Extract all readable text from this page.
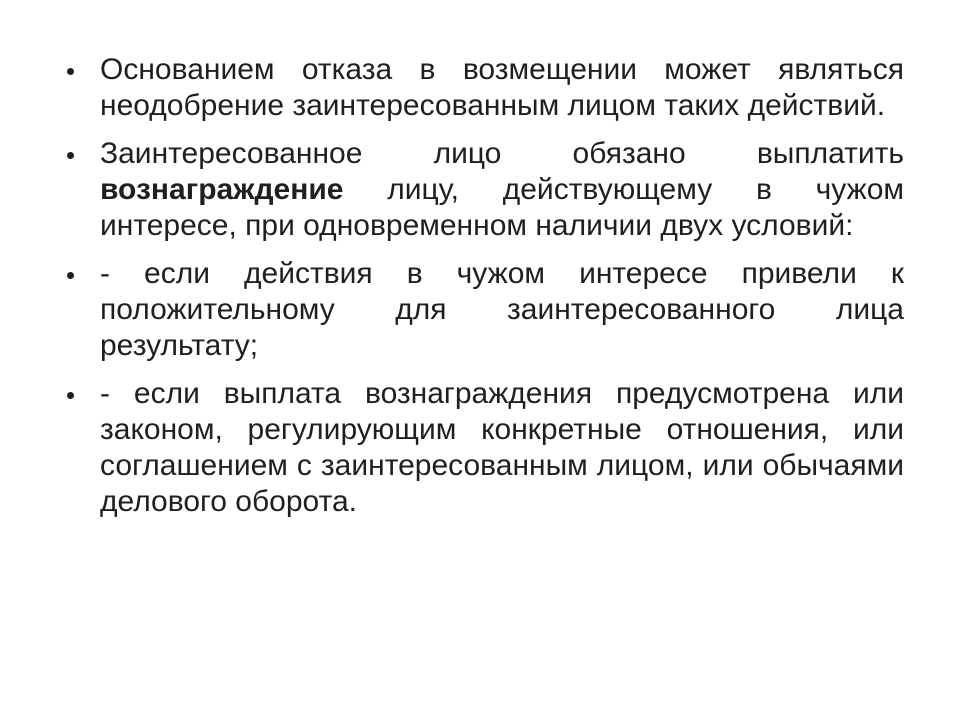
Основанием отказа в возмещении может являться неодобрение заинтересованным лицом таких действий.
Заинтересованное лицо обязано выплатить вознаграждение лицу, действующему в чужом интересе, при одновременном наличии двух условий:
- если действия в чужом интересе привели к положительному для заинтересованного лица результату;
- если выплата вознаграждения предусмотрена или законом, регулирующим конкретные отношения, или соглашением с заинтересованным лицом, или обычаями делового оборота.
